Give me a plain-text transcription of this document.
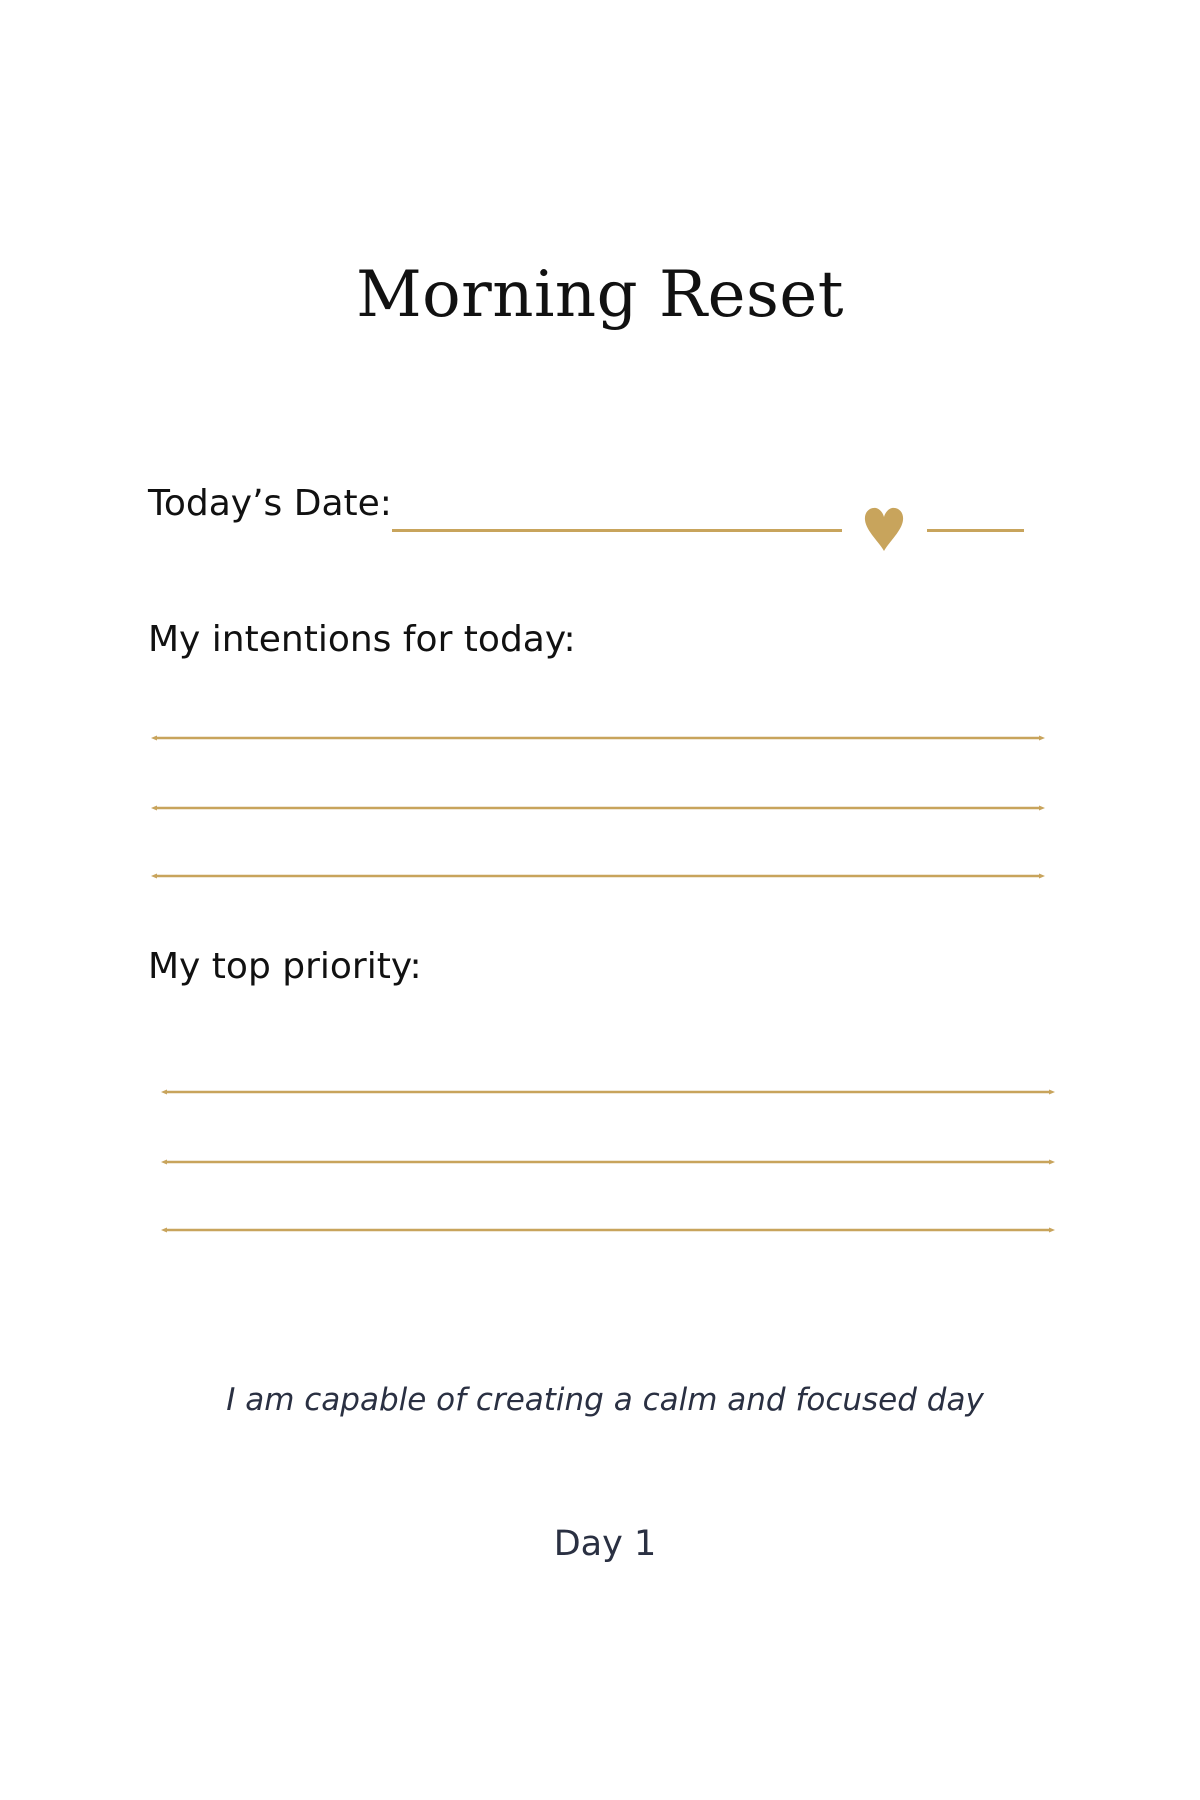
Morning Reset
Today’s Date:
My intentions for today:
My top priority:
I am capable of creating a calm and focused day
Day 1
